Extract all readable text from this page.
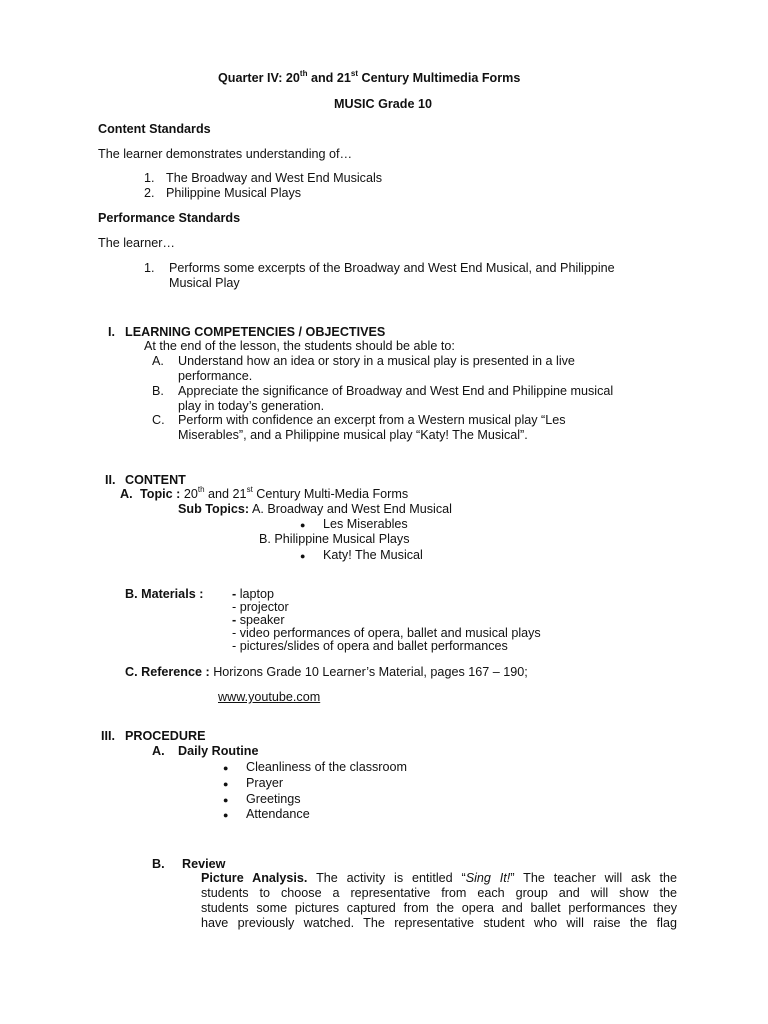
Quarter IV: 20th and 21st Century Multimedia Forms
MUSIC Grade 10
Content Standards
The learner demonstrates understanding of…
1. The Broadway and West End Musicals
2. Philippine Musical Plays
Performance Standards
The learner…
1. Performs some excerpts of the Broadway and West End Musical, and Philippine
Musical Play
I. LEARNING COMPETENCIES / OBJECTIVES
At the end of the lesson, the students should be able to:
A. Understand how an idea or story in a musical play is presented in a live
performance.
B. Appreciate the significance of Broadway and West End and Philippine musical
play in today’s generation.
C. Perform with confidence an excerpt from a Western musical play “Les
Miserables”, and a Philippine musical play “Katy! The Musical”.
II. CONTENT
A. Topic : 20th and 21st Century Multi-Media Forms
Sub Topics: A. Broadway and West End Musical
● Les Miserables
B. Philippine Musical Plays
● Katy! The Musical
B. Materials : - laptop
- projector
- speaker
- video performances of opera, ballet and musical plays
- pictures/slides of opera and ballet performances
C. Reference : Horizons Grade 10 Learner’s Material, pages 167 – 190;
www.youtube.com
III. PROCEDURE
A. Daily Routine
● Cleanliness of the classroom
● Prayer
● Greetings
● Attendance
B. Review
Picture Analysis. The activity is entitled “Sing It!” The teacher will ask the
students to choose a representative from each group and will show the
students some pictures captured from the opera and ballet performances they
have previously watched. The representative student who will raise the flag
